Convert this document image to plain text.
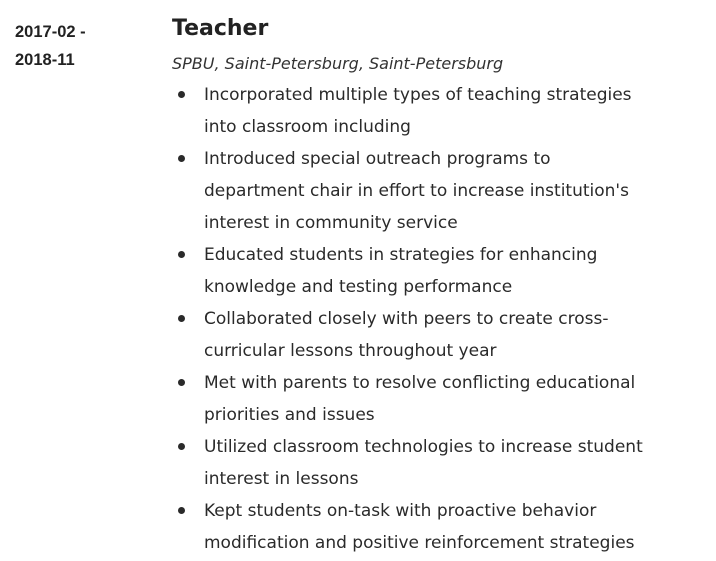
2017-02 -
2018-11
Teacher
SPBU, Saint-Petersburg, Saint-Petersburg
Incorporated multiple types of teaching strategies
into classroom including
Introduced special outreach programs to
department chair in effort to increase institution's
interest in community service
Educated students in strategies for enhancing
knowledge and testing performance
Collaborated closely with peers to create cross-
curricular lessons throughout year
Met with parents to resolve conflicting educational
priorities and issues
Utilized classroom technologies to increase student
interest in lessons
Kept students on-task with proactive behavior
modification and positive reinforcement strategies
